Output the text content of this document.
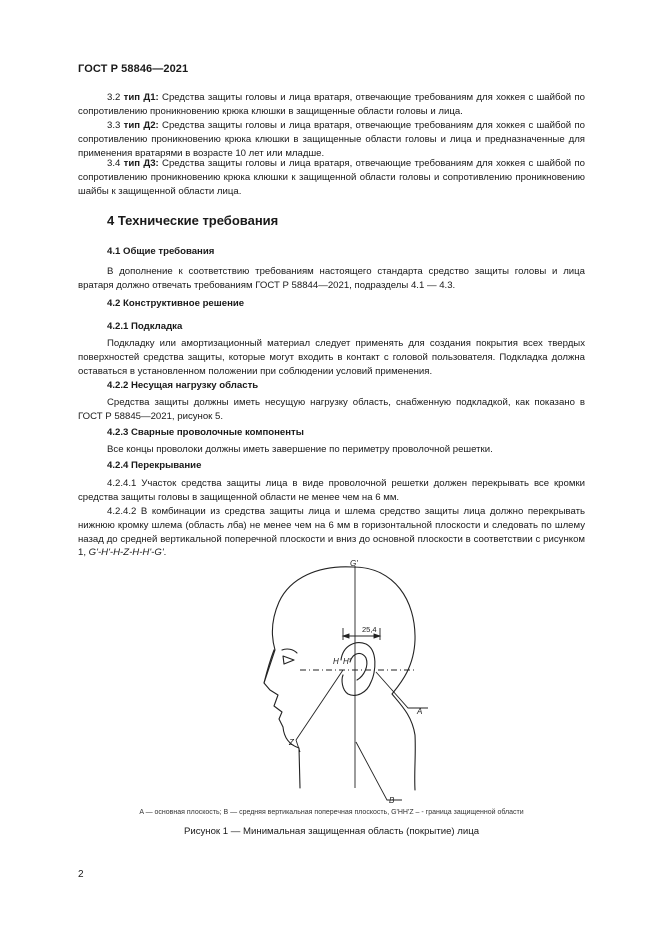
ГОСТ Р 58846—2021
3.2 тип Д1: Средства защиты головы и лица вратаря, отвечающие требованиям для хоккея с шайбой по сопротивлению проникновению крюка клюшки в защищенные области головы и лица.
3.3 тип Д2: Средства защиты головы и лица вратаря, отвечающие требованиям для хоккея с шайбой по сопротивлению проникновению крюка клюшки в защищенные области головы и лица и предназначенные для применения вратарями в возрасте 10 лет или младше.
3.4 тип Д3: Средства защиты головы и лица вратаря, отвечающие требованиям для хоккея с шайбой по сопротивлению проникновению крюка клюшки к защищенной области головы и сопротивлению проникновению шайбы к защищенной области лица.
4 Технические требования
4.1 Общие требования
В дополнение к соответствию требованиям настоящего стандарта средство защиты головы и лица вратаря должно отвечать требованиям ГОСТ Р 58844—2021, подразделы 4.1 — 4.3.
4.2 Конструктивное решение
4.2.1 Подкладка
Подкладку или амортизационный материал следует применять для создания покрытия всех твердых поверхностей средства защиты, которые могут входить в контакт с головой пользователя. Подкладка должна оставаться в установленном положении при соблюдении условий применения.
4.2.2 Несущая нагрузку область
Средства защиты должны иметь несущую нагрузку область, снабженную подкладкой, как показано в ГОСТ Р 58845—2021, рисунок 5.
4.2.3 Сварные проволочные компоненты
Все концы проволоки должны иметь завершение по периметру проволочной решетки.
4.2.4 Перекрывание
4.2.4.1 Участок средства защиты лица в виде проволочной решетки должен перекрывать все кромки средства защиты головы в защищенной области не менее чем на 6 мм.
4.2.4.2 В комбинации из средства защиты лица и шлема средство защиты лица должно перекрывать нижнюю кромку шлема (область лба) не менее чем на 6 мм в горизонтальной плоскости и следовать по шлему назад до средней вертикальной поперечной плоскости и вниз до основной плоскости в соответствии с рисунком 1, G'-H'-H-Z-H-H'-G'.
G'
H H'
Z
A
B
25,4
A — основная плоскость; B — средняя вертикальная поперечная плоскость, G'HH'Z – - граница защищенной области
Рисунок 1 — Минимальная защищенная область (покрытие) лица
2
